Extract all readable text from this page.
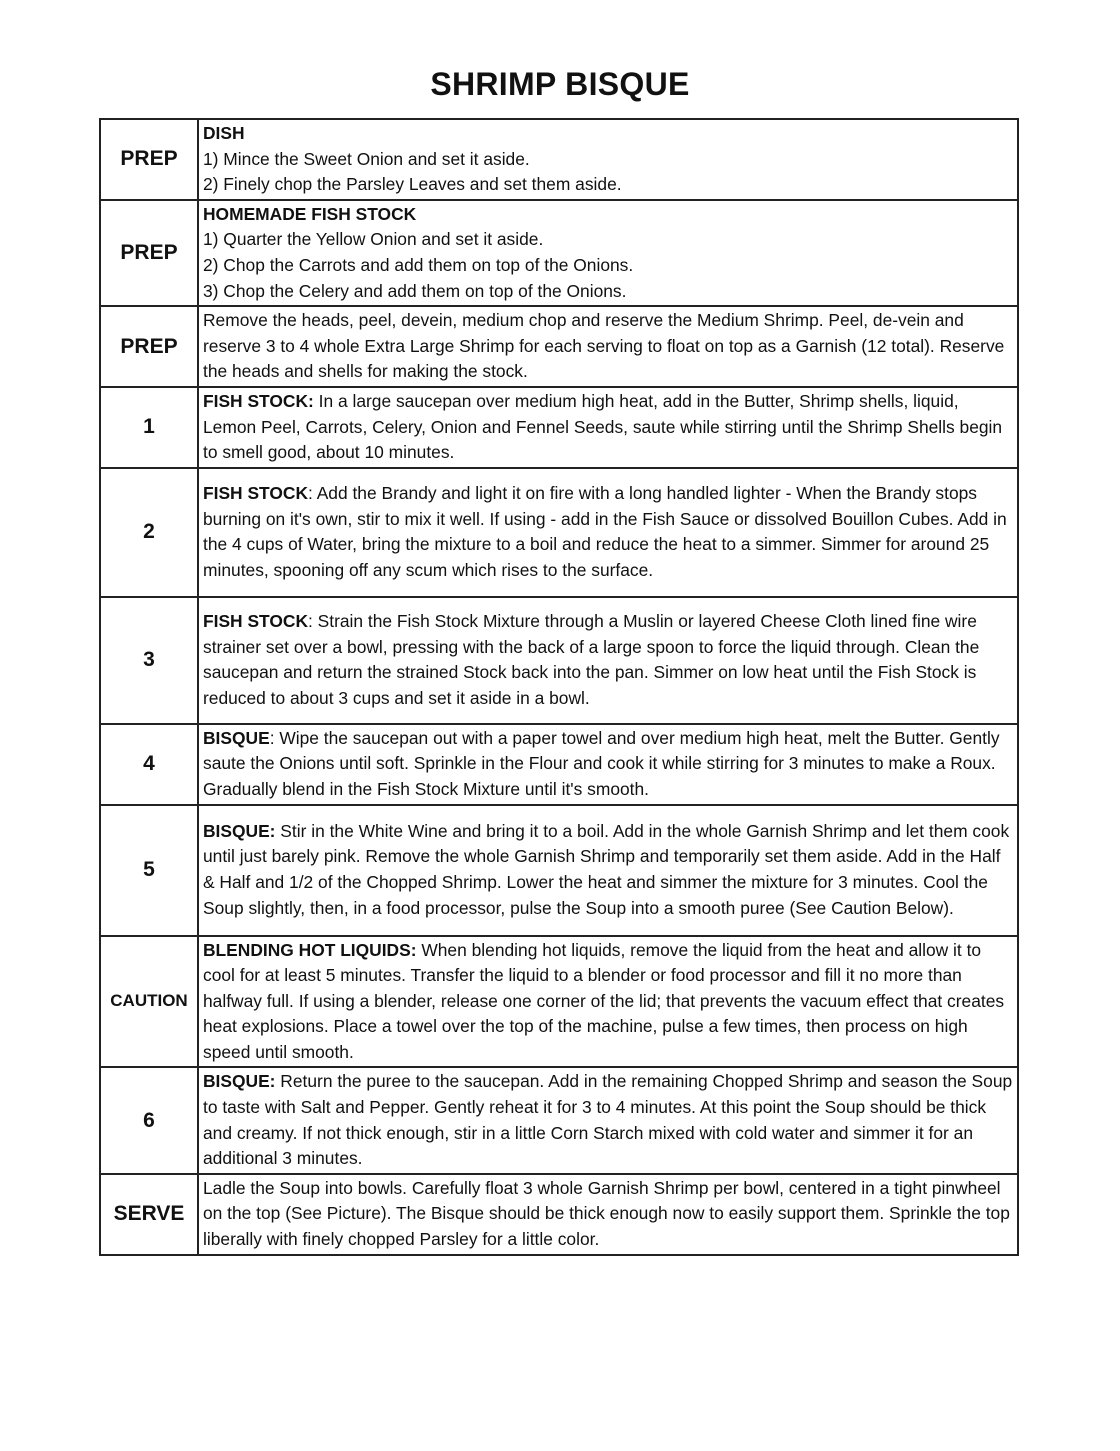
SHRIMP BISQUE
PREP	DISH
1) Mince the Sweet Onion and set it aside.
2) Finely chop the Parsley Leaves and set them aside.

PREP	HOMEMADE FISH STOCK
1) Quarter the Yellow Onion and set it aside.
2) Chop the Carrots and add them on top of the Onions.
3) Chop the Celery and add them on top of the Onions.

PREP	Remove the heads, peel, devein, medium chop and reserve the Medium Shrimp. Peel, de-vein and reserve 3 to 4 whole Extra Large Shrimp for each serving to float on top as a Garnish (12 total). Reserve the heads and shells for making the stock.
1	FISH STOCK: In a large saucepan over medium high heat, add in the Butter, Shrimp shells, liquid, Lemon Peel, Carrots, Celery, Onion and Fennel Seeds, saute while stirring until the Shrimp Shells begin to smell good, about 10 minutes.
2	FISH STOCK: Add the Brandy and light it on fire with a long handled lighter - When the Brandy stops burning on it's own, stir to mix it well. If using - add in the Fish Sauce or dissolved Bouillon Cubes. Add in the 4 cups of Water, bring the mixture to a boil and reduce the heat to a simmer. Simmer for around 25 minutes, spooning off any scum which rises to the surface.
3	FISH STOCK: Strain the Fish Stock Mixture through a Muslin or layered Cheese Cloth lined fine wire strainer set over a bowl, pressing with the back of a large spoon to force the liquid through. Clean the saucepan and return the strained Stock back into the pan. Simmer on low heat until the Fish Stock is reduced to about 3 cups and set it aside in a bowl.
4	BISQUE: Wipe the saucepan out with a paper towel and over medium high heat, melt the Butter. Gently saute the Onions until soft. Sprinkle in the Flour and cook it while stirring for 3 minutes to make a Roux. Gradually blend in the Fish Stock Mixture until it's smooth.
5	BISQUE: Stir in the White Wine and bring it to a boil. Add in the whole Garnish Shrimp and let them cook until just barely pink. Remove the whole Garnish Shrimp and temporarily set them aside. Add in the Half & Half and 1/2 of the Chopped Shrimp. Lower the heat and simmer the mixture for 3 minutes. Cool the Soup slightly, then, in a food processor, pulse the Soup into a smooth puree (See Caution Below).
CAUTION	BLENDING HOT LIQUIDS: When blending hot liquids, remove the liquid from the heat and allow it to cool for at least 5 minutes. Transfer the liquid to a blender or food processor and fill it no more than halfway full. If using a blender, release one corner of the lid; that prevents the vacuum effect that creates heat explosions. Place a towel over the top of the machine, pulse a few times, then process on high speed until smooth.
6	BISQUE: Return the puree to the saucepan. Add in the remaining Chopped Shrimp and season the Soup to taste with Salt and Pepper. Gently reheat it for 3 to 4 minutes. At this point the Soup should be thick and creamy. If not thick enough, stir in a little Corn Starch mixed with cold water and simmer it for an additional 3 minutes.
SERVE	Ladle the Soup into bowls. Carefully float 3 whole Garnish Shrimp per bowl, centered in a tight pinwheel on the top (See Picture). The Bisque should be thick enough now to easily support them. Sprinkle the top liberally with finely chopped Parsley for a little color.
